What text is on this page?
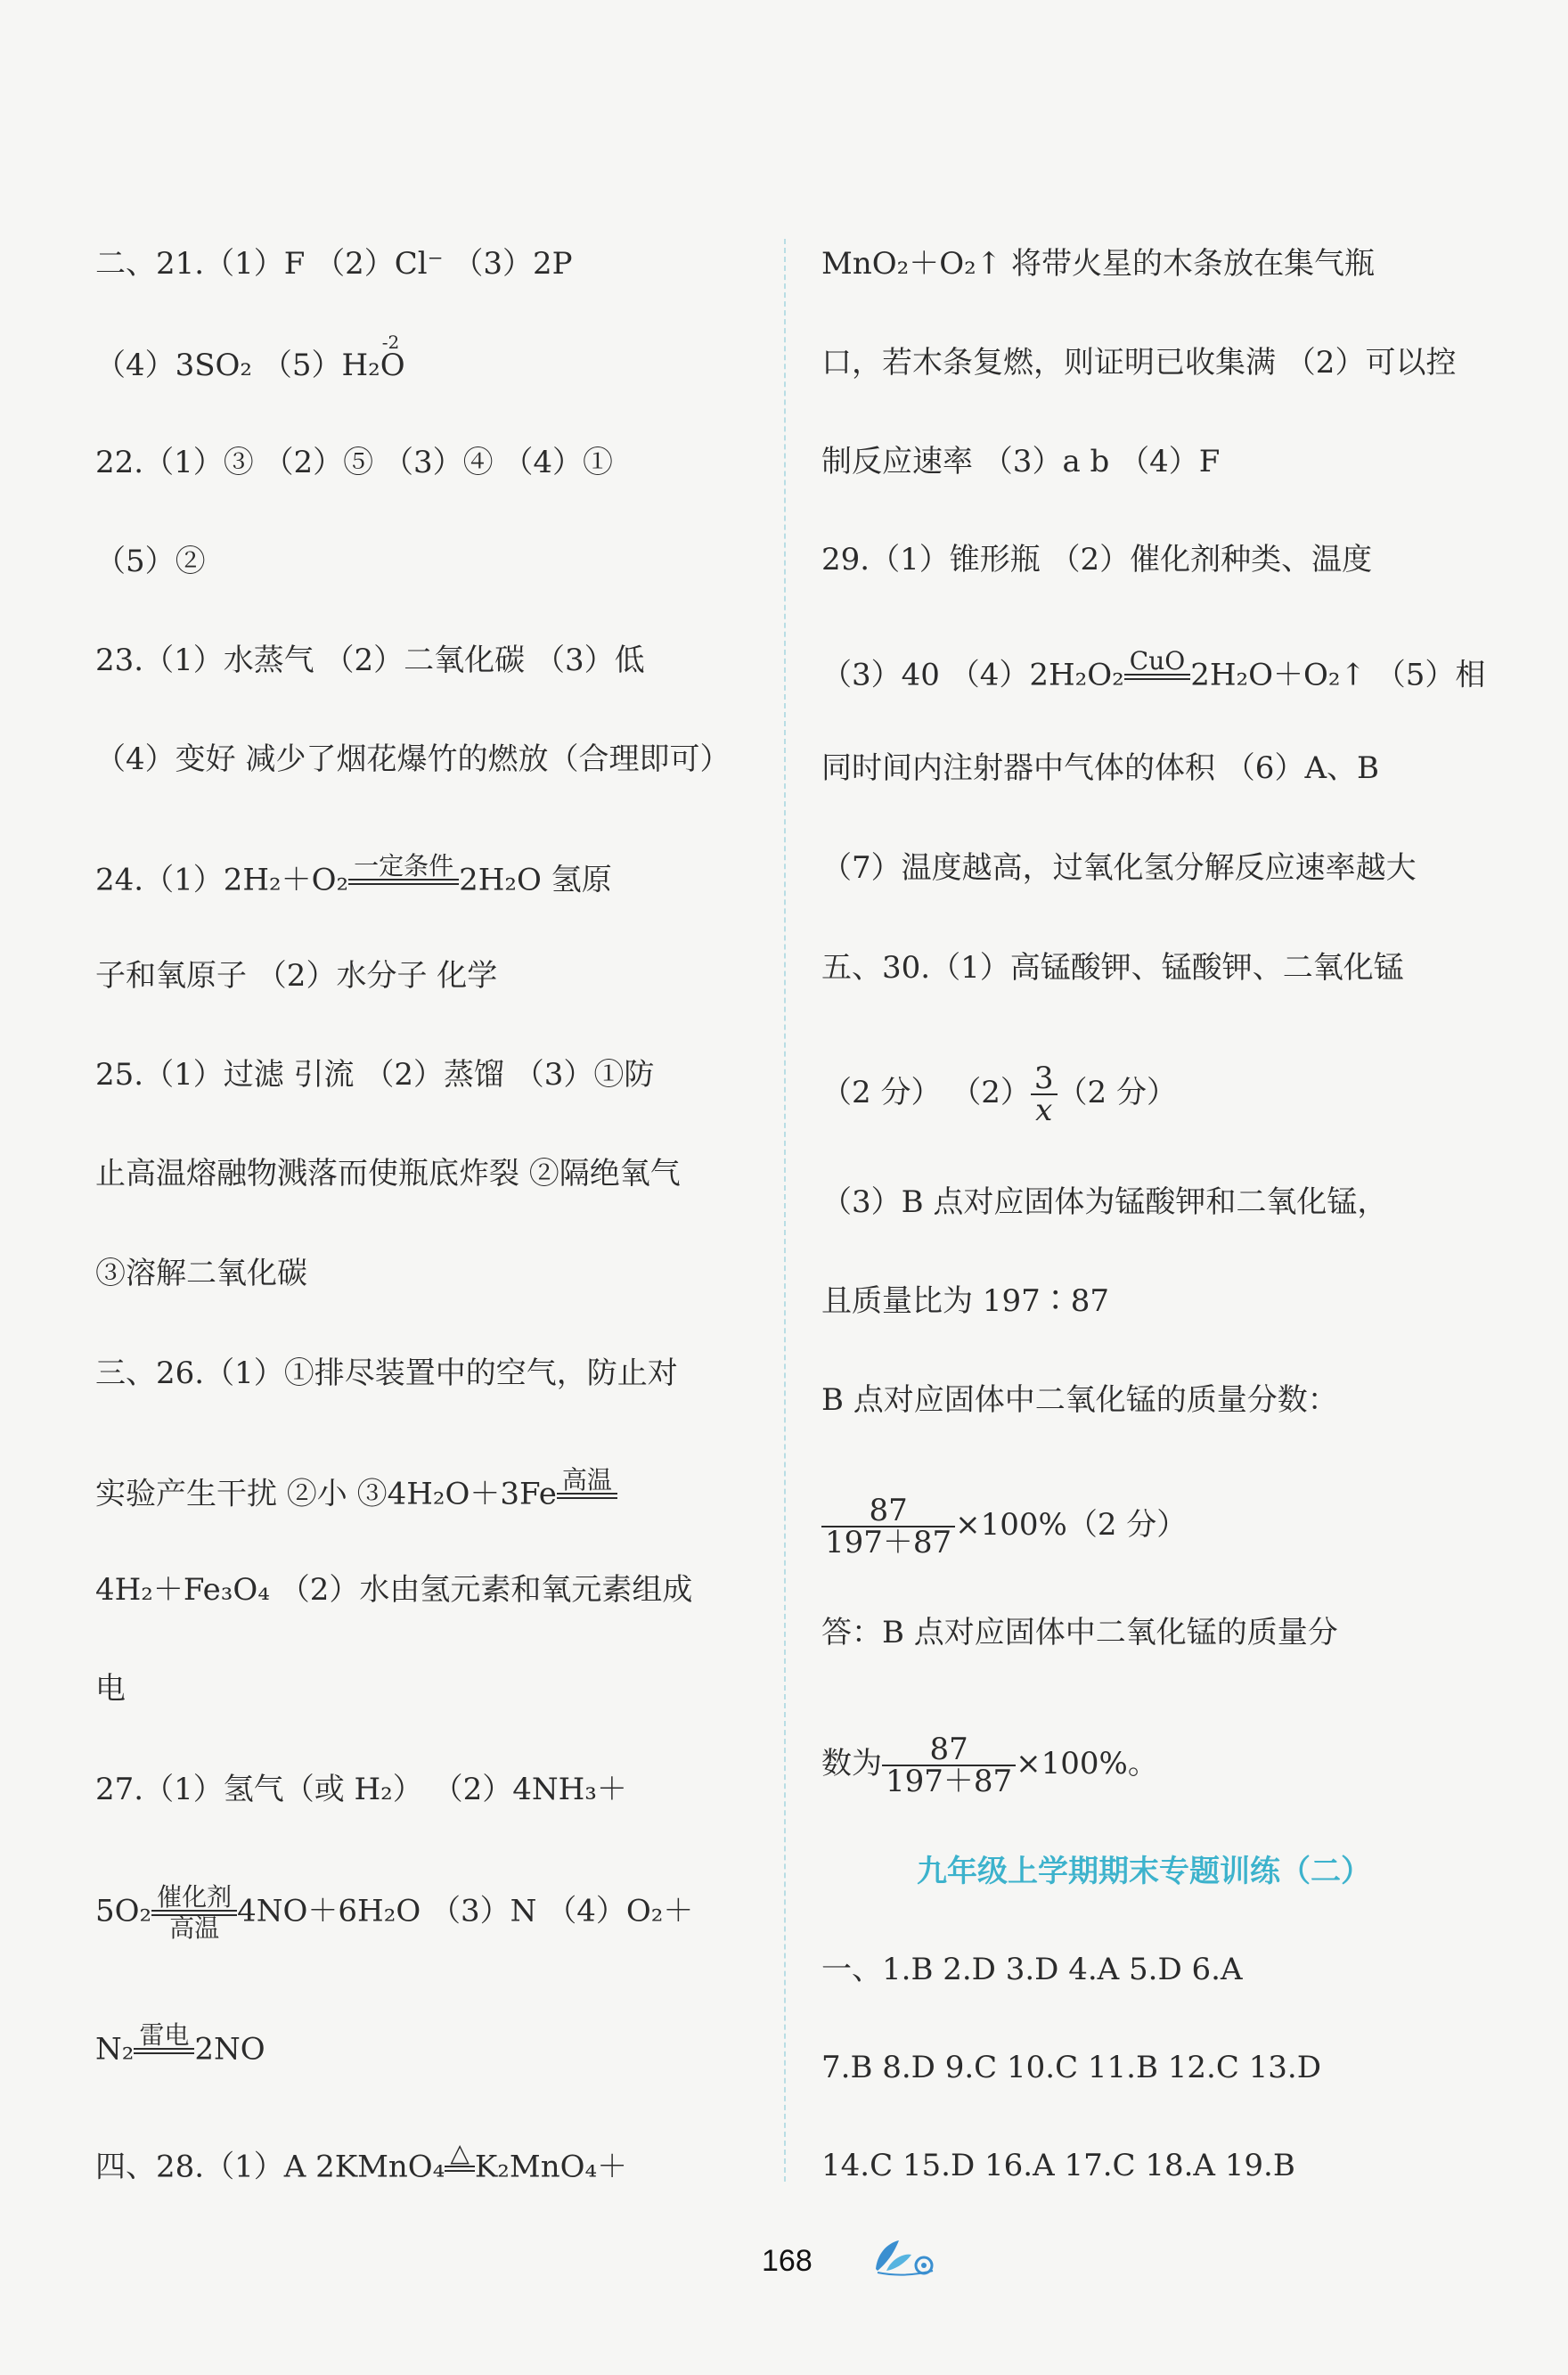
二、21.（1）F （2）Cl⁻ （3）2P
（4）3SO₂ （5）H₂
-2
O
22.（1）③ （2）⑤ （3）④ （4）①
（5）②
23.（1）水蒸气 （2）二氧化碳 （3）低
（4）变好 减少了烟花爆竹的燃放（合理即可）
24.（1）2H₂＋O₂ 一定条件 2H₂O 氢原
子和氧原子 （2）水分子 化学
25.（1）过滤 引流 （2）蒸馏 （3）①防
止高温熔融物溅落而使瓶底炸裂 ②隔绝氧气
③溶解二氧化碳
三、26.（1）①排尽装置中的空气，防止对
实验产生干扰 ②小 ③4H₂O＋3Fe 高温
4H₂＋Fe₃O₄ （2）水由氢元素和氧元素组成
电
27.（1）氢气（或 H₂） （2）4NH₃＋
5O₂ 催化剂
高温 4NO＋6H₂O （3）N （4）O₂＋
N₂ 雷电 2NO
四、28.（1）A 2KMnO₄ △ K₂MnO₄＋
MnO₂＋O₂↑ 将带火星的木条放在集气瓶
口，若木条复燃，则证明已收集满 （2）可以控
制反应速率 （3）a b （4）F
29.（1）锥形瓶 （2）催化剂种类、温度
（3）40 （4）2H₂O₂ CuO 2H₂O＋O₂↑ （5）相
同时间内注射器中气体的体积 （6）A、B
（7）温度越高，过氧化氢分解反应速率越大
五、30.（1）高锰酸钾、锰酸钾、二氧化锰
（2 分） $(2) \frac{3}{x} (2$ 分）
（3）B 点对应固体为锰酸钾和二氧化锰，
且质量比为 197∶87
B 点对应固体中二氧化锰的质量分数：
$\frac{87}{197+87} \times 100\%(2$ 分）
答：B 点对应固体中二氧化锰的质量分
数为 $\frac{87}{197+87} \times 100\%$。
九年级上学期期末专题训练（二）
一、1.B 2.D 3.D 4.A 5.D 6.A
7.B 8.D 9.C 10.C 11.B 12.C 13.D
14.C 15.D 16.A 17.C 18.A 19.B
168
